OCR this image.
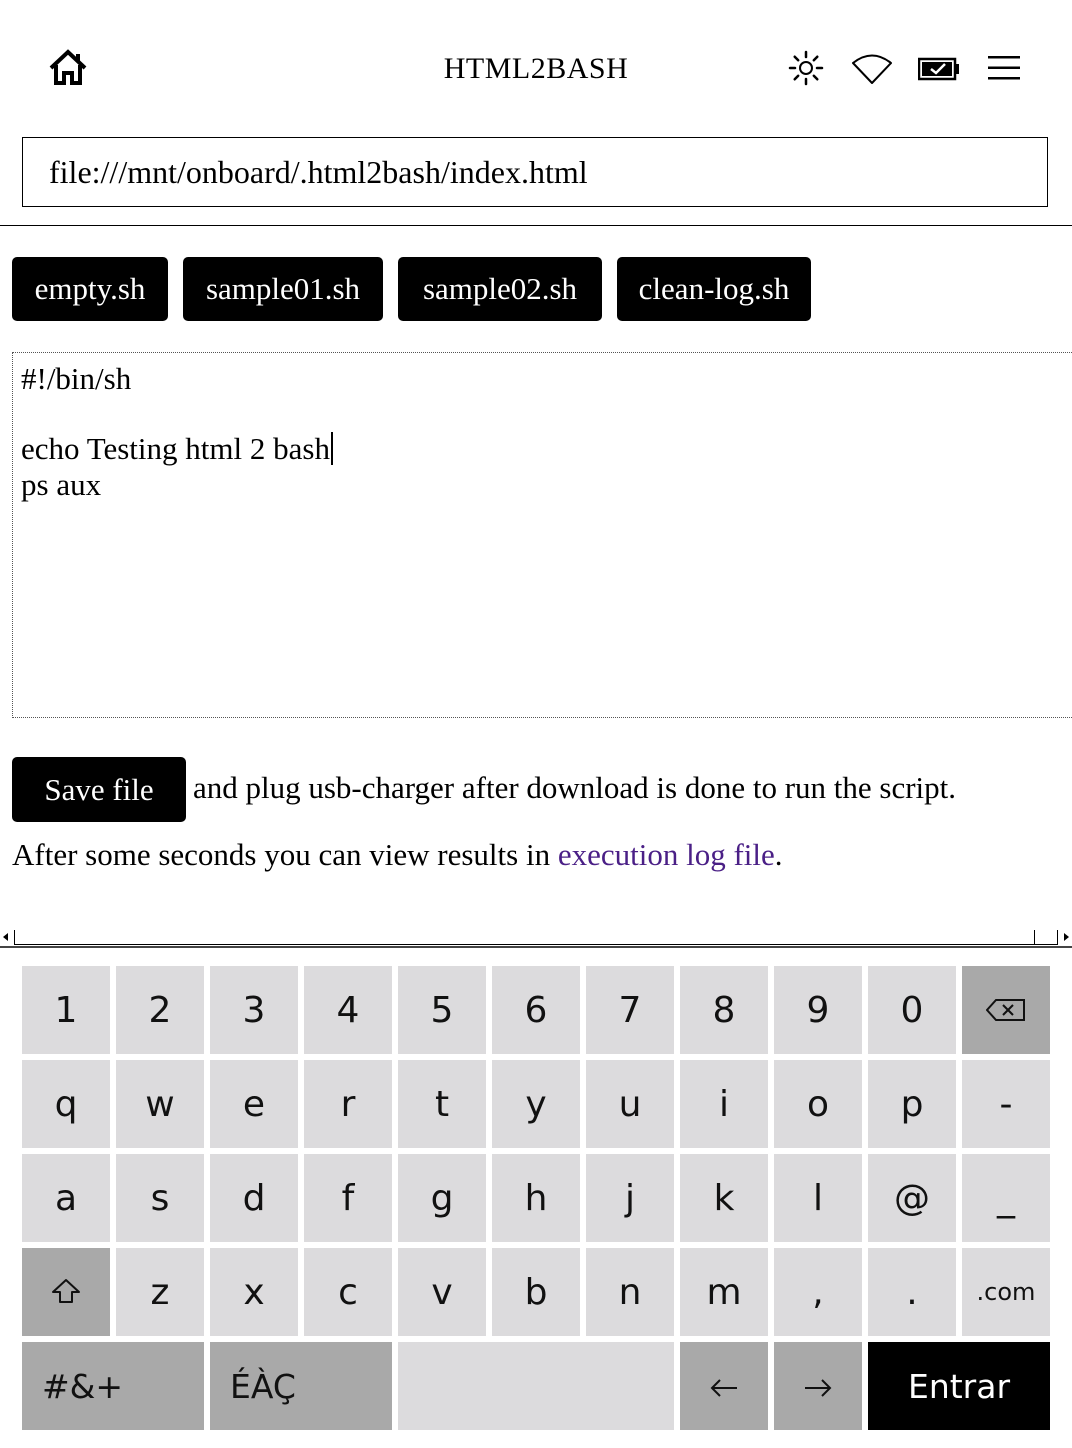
HTML2BASH
file:///mnt/onboard/.html2bash/index.html
empty.sh	sample01.sh	sample02.sh	clean-log.sh
#!/bin/sh
echo Testing html 2 bash
ps aux
Save file	and plug usb-charger after download is done to run the script.
After some seconds you can view results in execution log file.
1	2	3	4	5	6	7	8	9	0
q	w	e	r	t	y	u	i	o	p	-
a	s	d	f	g	h	j	k	l	@	_
z	x	c	v	b	n	m	,	.	.com
#&+	ÉÀÇ	Entrar
